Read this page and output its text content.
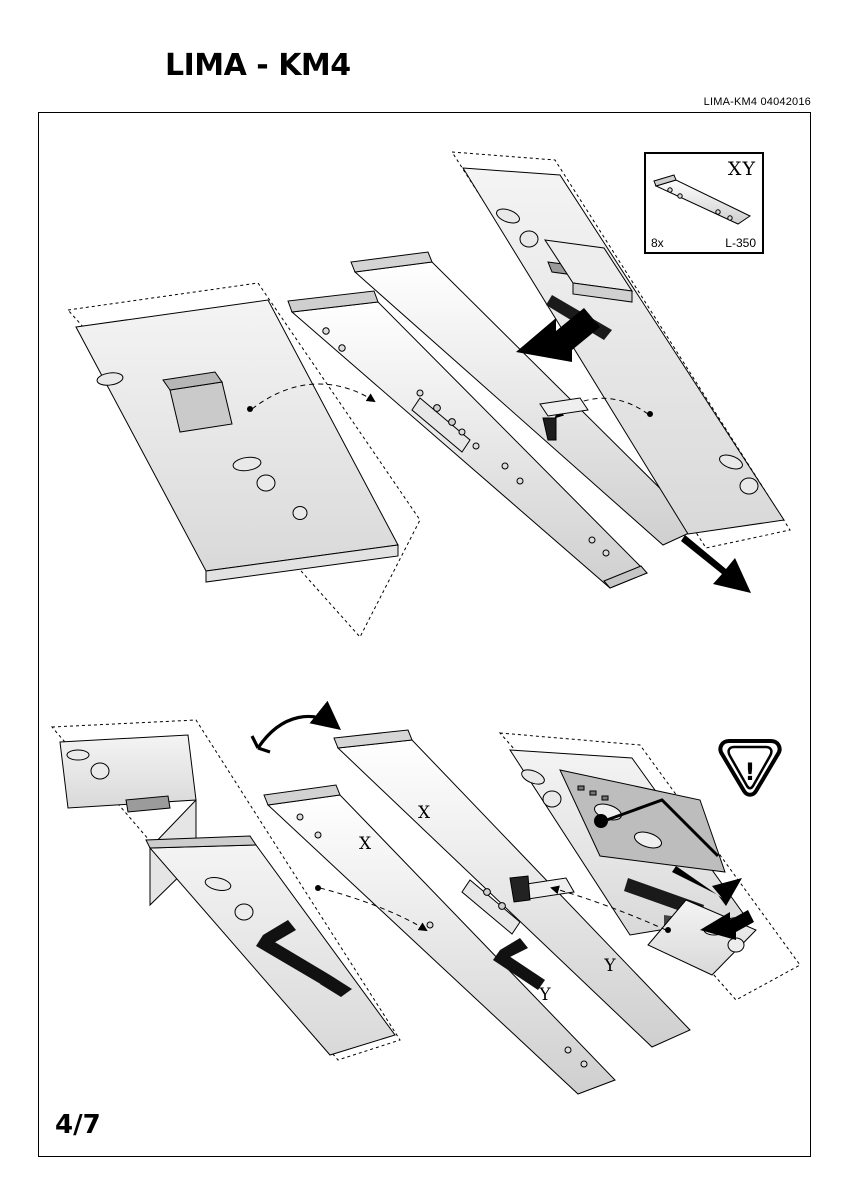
LIMA - KM4
LIMA-KM4 04042016
!
X
X
Y
Y
XY
8x	L-350
4/7
